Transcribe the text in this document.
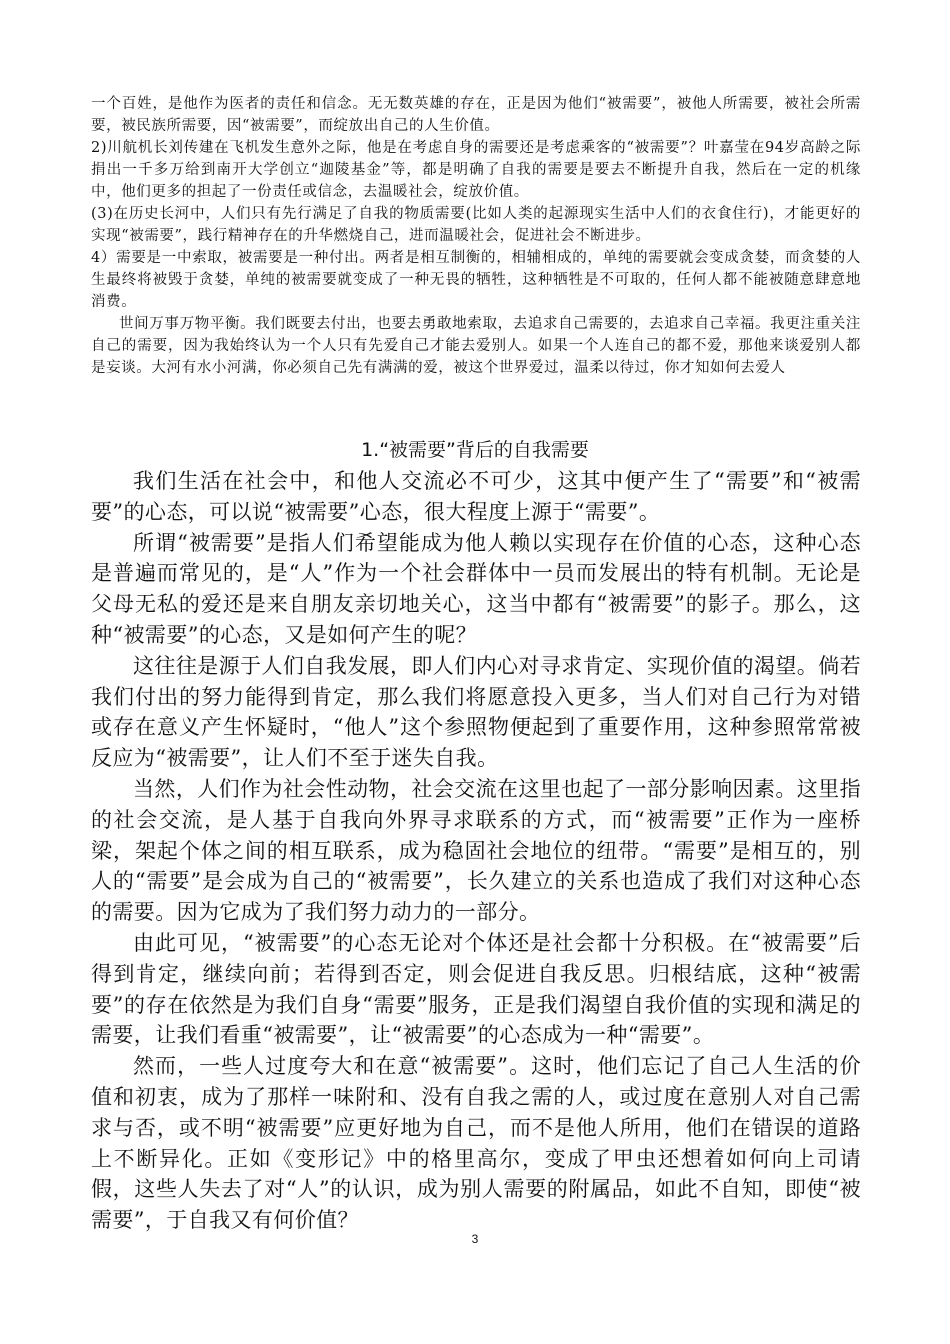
一个百姓，是他作为医者的责任和信念。无无数英雄的存在，正是因为他们“被需要”，被他人所需要，被社会所需要，被民族所需要，因“被需要”，而绽放出自己的人生价值。

2)川航机长刘传建在飞机发生意外之际，他是在考虑自身的需要还是考虑乘客的“被需要”？叶嘉莹在94岁高龄之际捐出一千多万给到南开大学创立“迦陵基金”等，都是明确了自我的需要是要去不断提升自我，然后在一定的机缘中，他们更多的担起了一份责任或信念，去温暖社会，绽放价值。

(3)在历史长河中，人们只有先行满足了自我的物质需要(比如人类的起源现实生活中人们的衣食住行)，才能更好的实现“被需要”，践行精神存在的升华燃烧自己，进而温暖社会，促进社会不断进步。

4）需要是一中索取，被需要是一种付出。两者是相互制衡的，相辅相成的，单纯的需要就会变成贪婪，而贪婪的人生最终将被毁于贪婪，单纯的被需要就变成了一种无畏的牺牲，这种牺牲是不可取的，任何人都不能被随意肆意地消费。

世间万事万物平衡。我们既要去付出，也要去勇敢地索取，去追求自己需要的，去追求自己幸福。我更注重关注自己的需要，因为我始终认为一个人只有先爱自己才能去爱别人。如果一个人连自己的都不爱，那他来谈爱别人都是妄谈。大河有水小河满，你必须自己先有满满的爱，被这个世界爱过，温柔以待过，你才知如何去爱人

1.“被需要”背后的自我需要

我们生活在社会中，和他人交流必不可少，这其中便产生了“需要”和“被需要”的心态，可以说“被需要”心态，很大程度上源于“需要”。

所谓“被需要”是指人们希望能成为他人赖以实现存在价值的心态，这种心态是普遍而常见的，是“人”作为一个社会群体中一员而发展出的特有机制。无论是父母无私的爱还是来自朋友亲切地关心，这当中都有“被需要”的影子。那么，这种“被需要”的心态，又是如何产生的呢？

这往往是源于人们自我发展，即人们内心对寻求肯定、实现价值的渴望。倘若我们付出的努力能得到肯定，那么我们将愿意投入更多，当人们对自己行为对错或存在意义产生怀疑时，“他人”这个参照物便起到了重要作用，这种参照常常被反应为“被需要”，让人们不至于迷失自我。

当然，人们作为社会性动物，社会交流在这里也起了一部分影响因素。这里指的社会交流，是人基于自我向外界寻求联系的方式，而“被需要”正作为一座桥梁，架起个体之间的相互联系，成为稳固社会地位的纽带。“需要”是相互的，别人的“需要”是会成为自己的“被需要”，长久建立的关系也造成了我们对这种心态的需要。因为它成为了我们努力动力的一部分。

由此可见，“被需要”的心态无论对个体还是社会都十分积极。在“被需要”后得到肯定，继续向前；若得到否定，则会促进自我反思。归根结底，这种“被需要”的存在依然是为我们自身“需要”服务，正是我们渴望自我价值的实现和满足的需要，让我们看重“被需要”，让“被需要”的心态成为一种“需要”。

然而，一些人过度夸大和在意“被需要”。这时，他们忘记了自己人生活的价值和初衷，成为了那样一味附和、没有自我之需的人，或过度在意别人对自己需求与否，或不明“被需要”应更好地为自己，而不是他人所用，他们在错误的道路上不断异化。正如《变形记》中的格里高尔，变成了甲虫还想着如何向上司请假，这些人失去了对“人”的认识，成为别人需要的附属品，如此不自知，即使“被需要”，于自我又有何价值？

3
